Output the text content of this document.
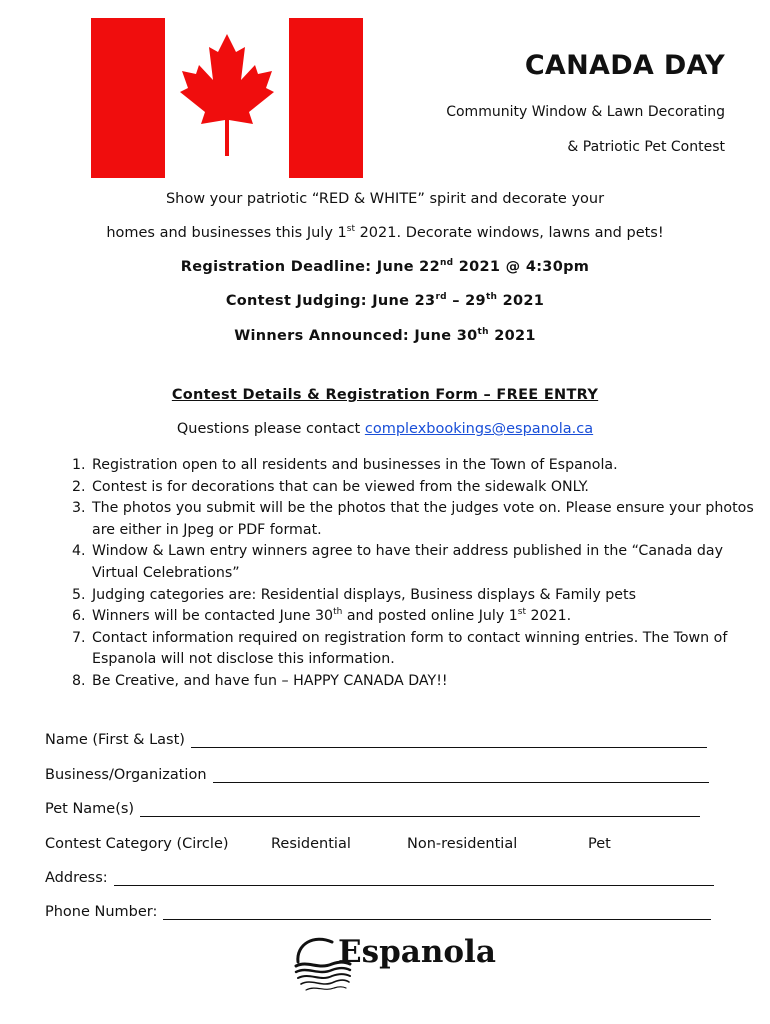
CANADA DAY
Community Window & Lawn Decorating
& Patriotic Pet Contest
Show your patriotic “RED & WHITE” spirit and decorate your
homes and businesses this July 1st 2021. Decorate windows, lawns and pets!
Registration Deadline: June 22nd 2021 @ 4:30pm
Contest Judging: June 23rd – 29th 2021
Winners Announced: June 30th 2021
Contest Details & Registration Form – FREE ENTRY
Questions please contact complexbookings@espanola.ca
1. Registration open to all residents and businesses in the Town of Espanola.
2. Contest is for decorations that can be viewed from the sidewalk ONLY.
3. The photos you submit will be the photos that the judges vote on. Please ensure your photos are either in Jpeg or PDF format.
4. Window & Lawn entry winners agree to have their address published in the “Canada day Virtual Celebrations”
5. Judging categories are: Residential displays, Business displays & Family pets
6. Winners will be contacted June 30th and posted online July 1st 2021.
7. Contact information required on registration form to contact winning entries. The Town of Espanola will not disclose this information.
8. Be Creative, and have fun – HAPPY CANADA DAY!!
Name (First & Last)
Business/Organization
Pet Name(s)
Contest Category (Circle)	Residential	Non-residential	Pet
Address:
Phone Number:
Espanola
